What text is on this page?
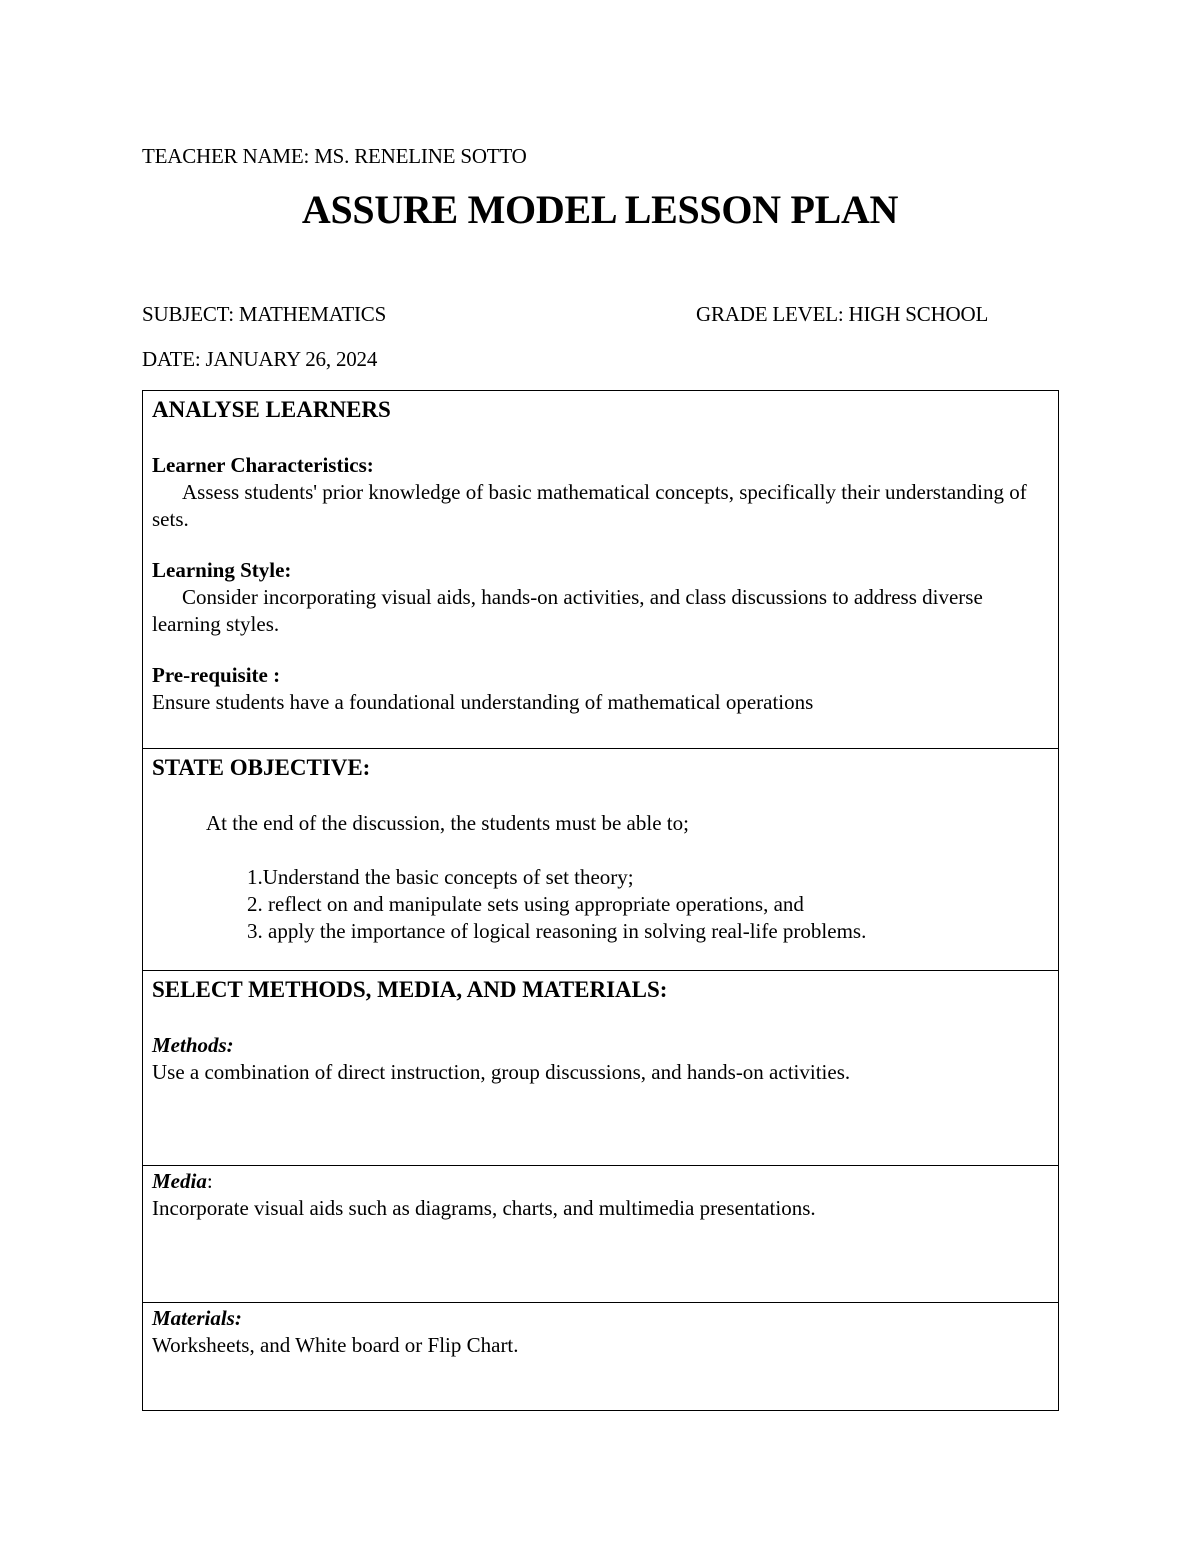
TEACHER NAME: MS. RENELINE SOTTO
ASSURE MODEL LESSON PLAN
SUBJECT: MATHEMATICS	GRADE LEVEL: HIGH SCHOOL
DATE: JANUARY 26, 2024
ANALYSE LEARNERS
Learner Characteristics:

Assess students' prior knowledge of basic mathematical concepts, specifically their understanding of sets.

Learning Style:

Consider incorporating visual aids, hands-on activities, and class discussions to address diverse learning styles.

Pre-requisite :

Ensure students have a foundational understanding of mathematical operations

STATE OBJECTIVE:
At the end of the discussion, the students must be able to;

1.Understand the basic concepts of set theory;

2. reflect on and manipulate sets using appropriate operations, and

3. apply the importance of logical reasoning in solving real-life problems.

SELECT METHODS, MEDIA, AND MATERIALS:
Methods:

Use a combination of direct instruction, group discussions, and hands-on activities.

Media:

Incorporate visual aids such as diagrams, charts, and multimedia presentations.

Materials:

Worksheets, and White board or Flip Chart.
